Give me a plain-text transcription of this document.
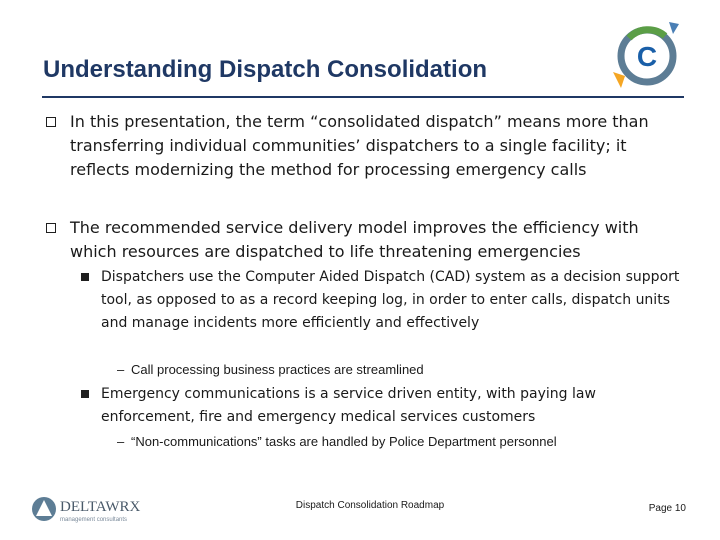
Understanding Dispatch Consolidation	C
In this presentation, the term “consolidated dispatch” means more than transferring individual communities’ dispatchers to a single facility; it reflects modernizing the method for processing emergency calls
The recommended service delivery model improves the efficiency with which resources are dispatched to life threatening emergencies
Dispatchers use the Computer Aided Dispatch (CAD) system as a decision support tool, as opposed to as a record keeping log, in order to enter calls, dispatch units and manage incidents more efficiently and effectively
– Call processing business practices are streamlined
Emergency communications is a service driven entity, with paying law enforcement, fire and emergency medical services customers
– “Non-communications” tasks are handled by Police Department personnel
DELTAWRX
management consultants
Dispatch Consolidation Roadmap	Page 10
